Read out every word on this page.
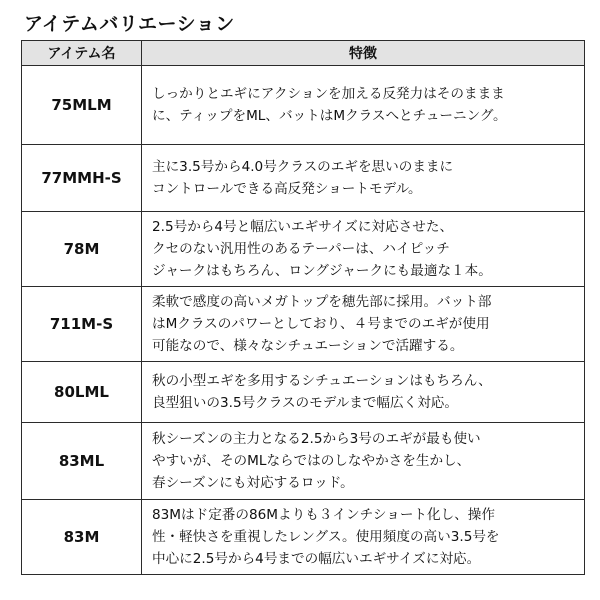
アイテムバリエーション
アイテム名	特徴
75MLM	しっかりとエギにアクションを加える反発力はそのままま
に、ティップをML、バットはMクラスへとチューニング。

77MMH-S	主に3.5号から4.0号クラスのエギを思いのままに
コントロールできる高反発ショートモデル。

78M	2.5号から4号と幅広いエギサイズに対応させた、
クセのない汎用性のあるテーパーは、ハイピッチ
ジャークはもちろん、ロングジャークにも最適な１本。

711M-S	柔軟で感度の高いメガトップを穂先部に採用。バット部
はMクラスのパワーとしており、４号までのエギが使用
可能なので、様々なシチュエーションで活躍する。

80LML	秋の小型エギを多用するシチュエーションはもちろん、
良型狙いの3.5号クラスのモデルまで幅広く対応。

83ML	秋シーズンの主力となる2.5から3号のエギが最も使い
やすいが、そのMLならではのしなやかさを生かし、
春シーズンにも対応するロッド。

83M	83Mはド定番の86Mよりも３インチショート化し、操作
性・軽快さを重視したレングス。使用頻度の高い3.5号を
中心に2.5号から4号までの幅広いエギサイズに対応。
